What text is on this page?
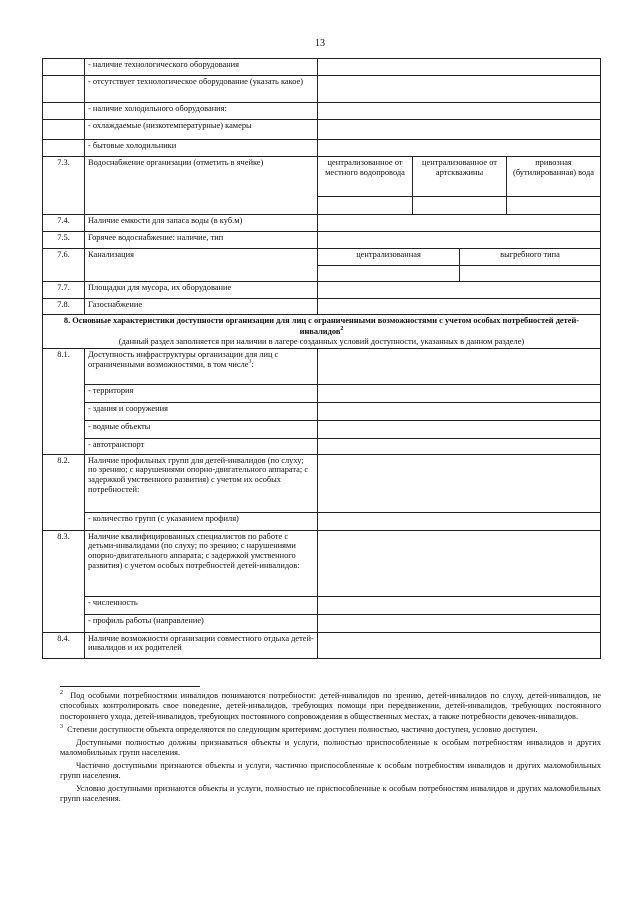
13
	- наличие технологического оборудования				
	- отсутствует технологическое оборудование (указать какое)				
	- наличие холодильного оборудования:				
	- охлаждаемые (низкотемпературные) камеры				
	- бытовые холодильники				
7.3.	Водоснабжение организации (отметить в ячейке)	централизованное от местного водопровода	централизованное от артскважины		привозная (бутилированная) вода

7.4.	Наличие емкости для запаса воды (в куб.м)				
7.5.	Горячее водоснабжение: наличие, тип				
7.6.	Канализация	централизованная		выгребного типа	

7.7.	Площадки для мусора, их оборудование				
7.8.	Газоснабжение				
8. Основные характеристики доступности организации для лиц с ограниченными возможностями с учетом особых потребностей детей-инвалидов$^2$
(данный раздел заполняется при наличии в лагере созданных условий доступности, указанных в данном разделе)					

8.1.	Доступность инфраструктуры организации для лиц с ограниченными возможностями, в том числе$^3$:				
	- территория				
	- здания и сооружения				
	- водные объекты				
	- автотранспорт				
8.2.	Наличие профильных групп для детей-инвалидов (по слуху; по зрению; с нарушениями опорно-двигательного аппарата; с задержкой умственного развития) с учетом их особых потребностей:				
	- количество групп (с указанием профиля)				
8.3.	Наличие квалифицированных специалистов по работе с детьми-инвалидами (по слуху; по зрению; с нарушениями опорно-двигательного аппарата; с задержкой умственного развития) с учетом особых потребностей детей-инвалидов:				
	- численность				
	- профиль работы (направление)				
8.4.	Наличие возможности организации совместного отдыха детей-инвалидов и их родителей				

$^2$ Под особыми потребностями инвалидов понимаются потребности: детей-инвалидов по зрению, детей-инвалидов по слуху, детей-инвалидов, не способных контролировать свое поведение, детей-инвалидов, требующих помощи при передвижении, детей-инвалидов, требующих постоянного постороннего ухода, детей-инвалидов, требующих постоянного сопровождения в общественных местах, а также потребности девочек-инвалидов.

$^3$ Степени доступности объекта определяются по следующим критериям: доступен полностью, частично доступен, условно доступен.

Доступными полностью должны признаваться объекты и услуги, полностью приспособленные к особым потребностям инвалидов и других маломобильных групп населения.

Частично доступными признаются объекты и услуги, частично приспособленные к особым потребностям инвалидов и других маломобильных групп населения.

Условно доступными признаются объекты и услуги, полностью не приспособленные к особым потребностям инвалидов и других маломобильных групп населения.
